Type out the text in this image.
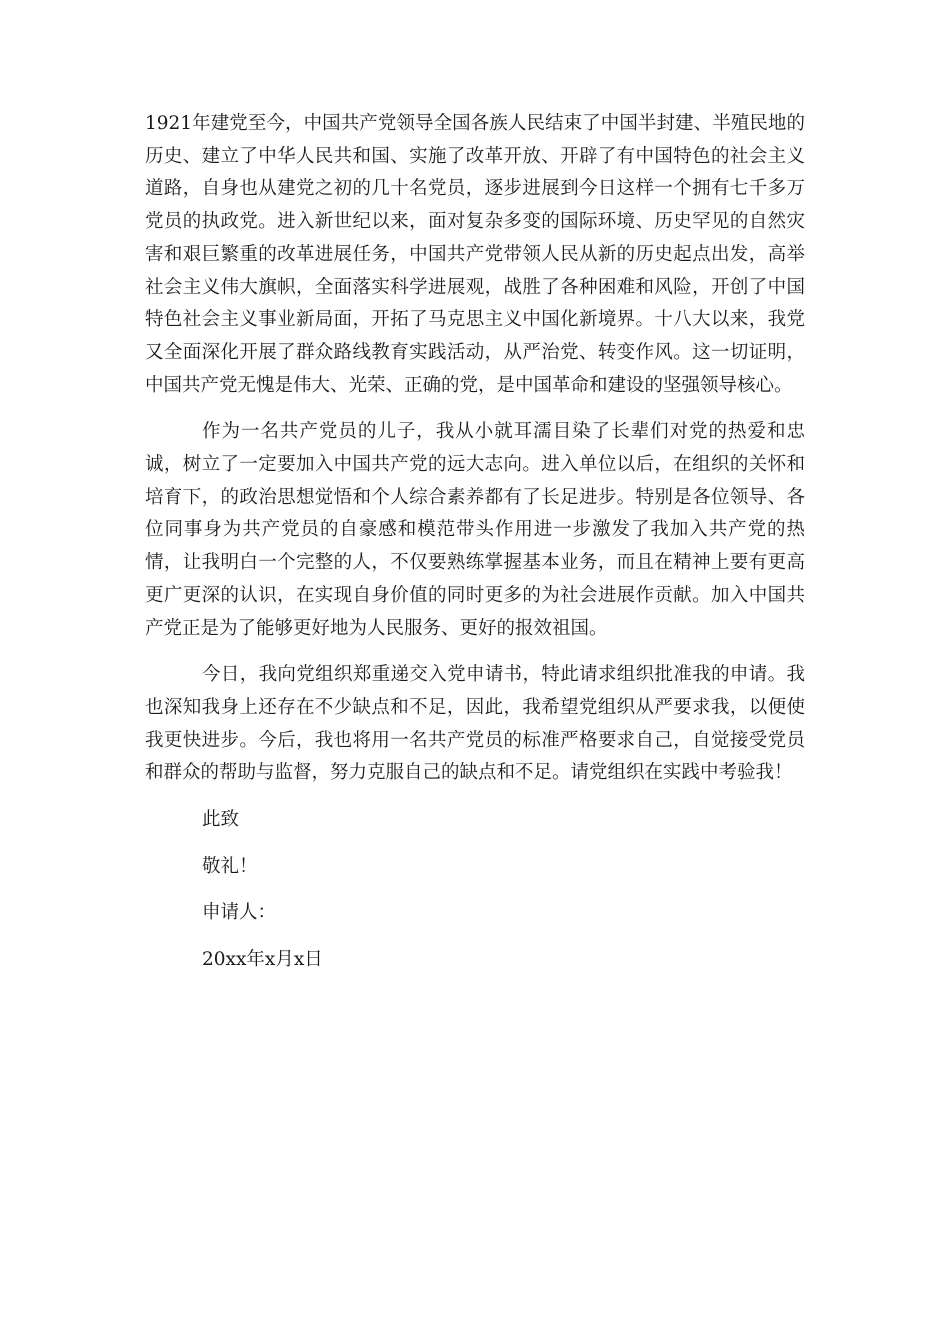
1921年建党至今，中国共产党领导全国各族人民结束了中国半封建、半殖民地的历史、建立了中华人民共和国、实施了改革开放、开辟了有中国特色的社会主义道路，自身也从建党之初的几十名党员，逐步进展到今日这样一个拥有七千多万党员的执政党。进入新世纪以来，面对复杂多变的国际环境、历史罕见的自然灾害和艰巨繁重的改革进展任务，中国共产党带领人民从新的历史起点出发，高举社会主义伟大旗帜，全面落实科学进展观，战胜了各种困难和风险，开创了中国特色社会主义事业新局面，开拓了马克思主义中国化新境界。十八大以来，我党又全面深化开展了群众路线教育实践活动，从严治党、转变作风。这一切证明，中国共产党无愧是伟大、光荣、正确的党，是中国革命和建设的坚强领导核心。

作为一名共产党员的儿子，我从小就耳濡目染了长辈们对党的热爱和忠诚，树立了一定要加入中国共产党的远大志向。进入单位以后，在组织的关怀和培育下，的政治思想觉悟和个人综合素养都有了长足进步。特别是各位领导、各位同事身为共产党员的自豪感和模范带头作用进一步激发了我加入共产党的热情，让我明白一个完整的人，不仅要熟练掌握基本业务，而且在精神上要有更高更广更深的认识，在实现自身价值的同时更多的为社会进展作贡献。加入中国共产党正是为了能够更好地为人民服务、更好的报效祖国。

今日，我向党组织郑重递交入党申请书，特此请求组织批准我的申请。我也深知我身上还存在不少缺点和不足，因此，我希望党组织从严要求我，以便使我更快进步。今后，我也将用一名共产党员的标准严格要求自己，自觉接受党员和群众的帮助与监督，努力克服自己的缺点和不足。请党组织在实践中考验我！

此致

敬礼！

申请人：

20xx年x月x日
